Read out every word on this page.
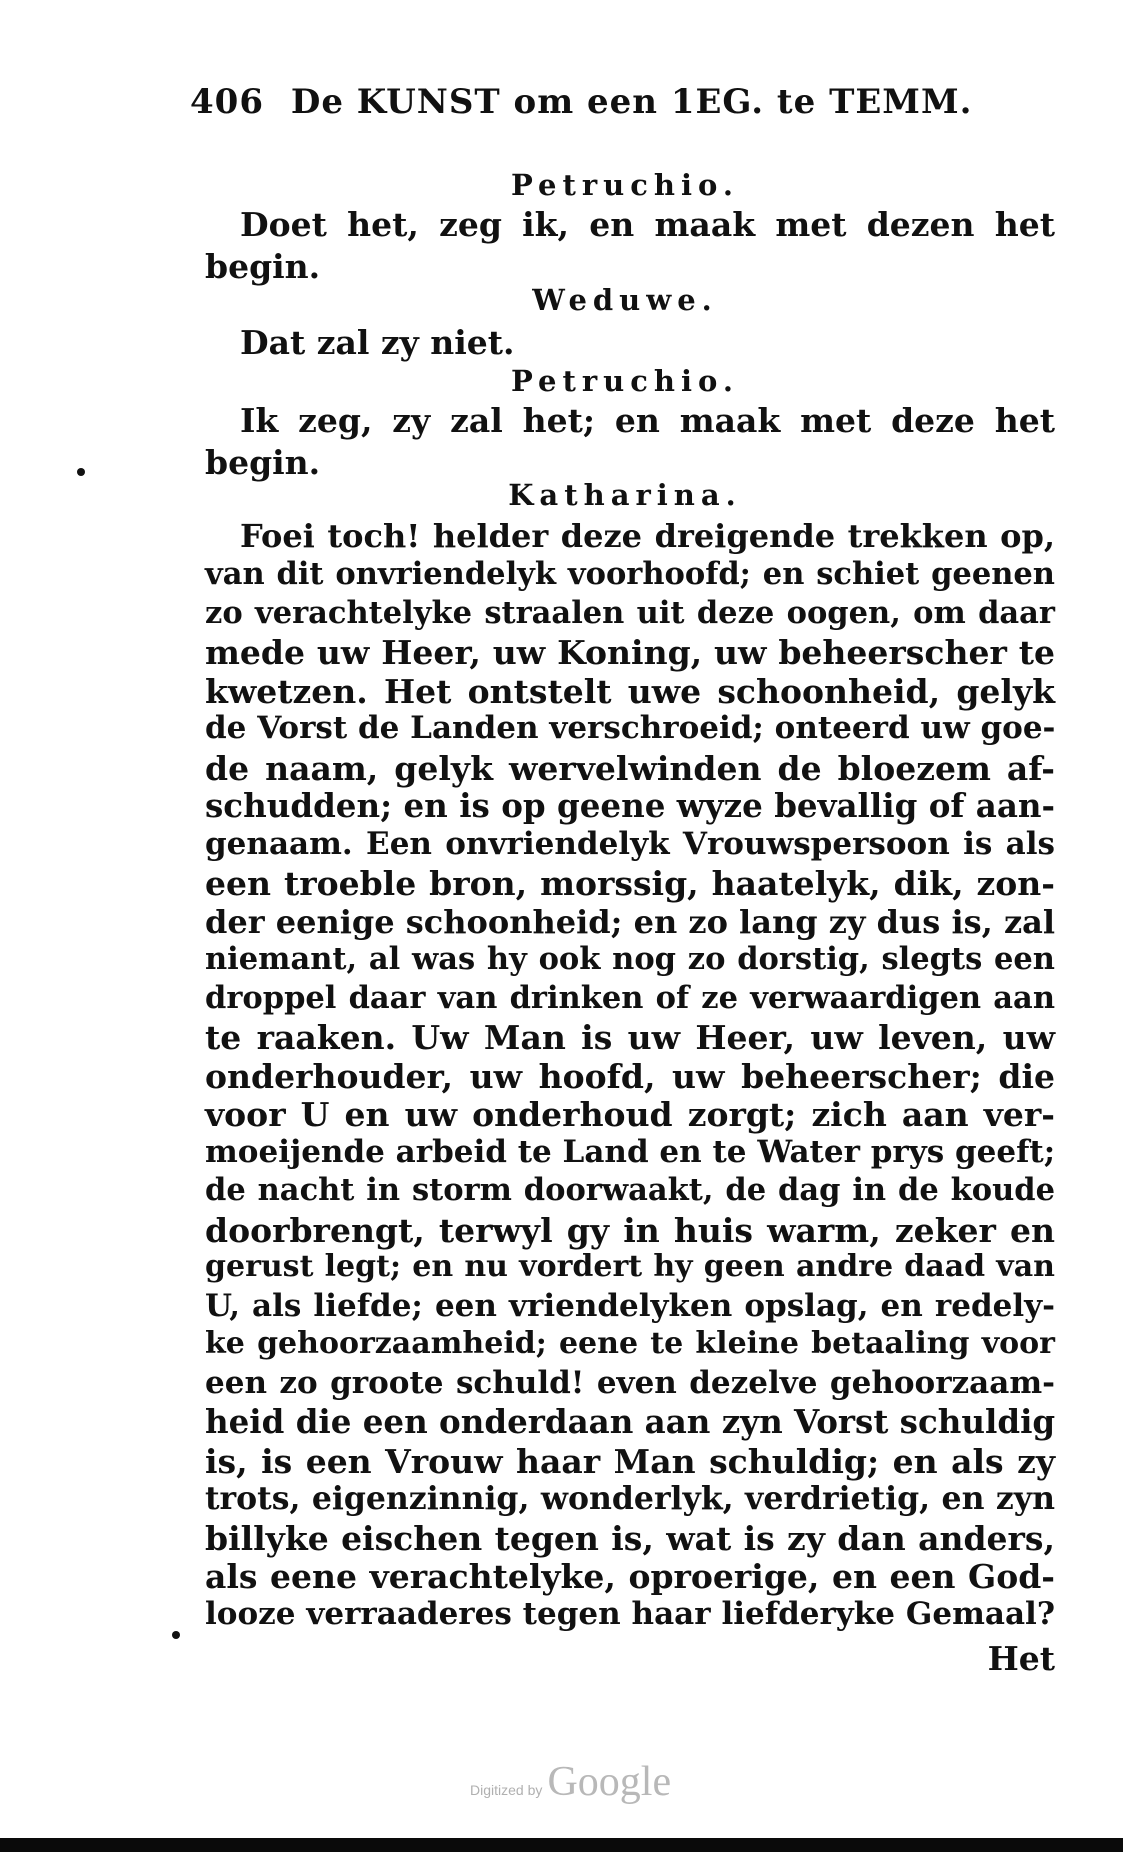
406 De KUNST om een 1EG. te TEMM.
Petruchio.
Doet het, zeg ik, en maak met dezen het
begin.
Weduwe.
Dat zal zy niet.
Petruchio.
Ik zeg, zy zal het; en maak met deze het
begin.
Katharina.
Foei toch! helder deze dreigende trekken op,
van dit onvriendelyk voorhoofd; en schiet geenen
zo verachtelyke straalen uit deze oogen, om daar
mede uw Heer, uw Koning, uw beheerscher te
kwetzen. Het ontstelt uwe schoonheid, gelyk
de Vorst de Landen verschroeid; onteerd uw goe-
de naam, gelyk wervelwinden de bloezem af-
schudden; en is op geene wyze bevallig of aan-
genaam. Een onvriendelyk Vrouwspersoon is als
een troeble bron, morssig, haatelyk, dik, zon-
der eenige schoonheid; en zo lang zy dus is, zal
niemant, al was hy ook nog zo dorstig, slegts een
droppel daar van drinken of ze verwaardigen aan
te raaken. Uw Man is uw Heer, uw leven, uw
onderhouder, uw hoofd, uw beheerscher; die
voor U en uw onderhoud zorgt; zich aan ver-
moeijende arbeid te Land en te Water prys geeft;
de nacht in storm doorwaakt, de dag in de koude
doorbrengt, terwyl gy in huis warm, zeker en
gerust legt; en nu vordert hy geen andre daad van
U, als liefde; een vriendelyken opslag, en redely-
ke gehoorzaamheid; eene te kleine betaaling voor
een zo groote schuld! even dezelve gehoorzaam-
heid die een onderdaan aan zyn Vorst schuldig
is, is een Vrouw haar Man schuldig; en als zy
trots, eigenzinnig, wonderlyk, verdrietig, en zyn
billyke eischen tegen is, wat is zy dan anders,
als eene verachtelyke, oproerige, en een God-
looze verraaderes tegen haar liefderyke Gemaal?
Het
Digitized by Google
